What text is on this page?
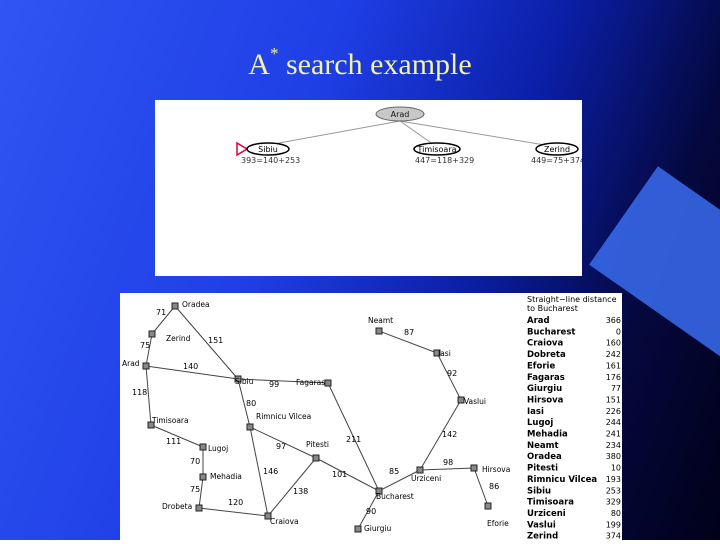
A* search example
Arad
Sibiu
393=140+253
Timisoara
447=118+329
Zerind
449=75+374
Oradea
Zerind
Arad
Sibiu	Fagaras
Timisoara	Rimnicu Vilcea
Lugoj	Pitesti
Mehadia
Drobeta
Craiova
Bucharest
Giurgiu
Urziceni
Hirsova
Eforie
Vaslui
Iasi
Neamt
71
75
151
140
118
99
80
111
97
211
70
146	101
75
120
138
90
85
98
86
142
92
87
Straight−line distance
to Bucharest
Arad	366
Bucharest	0
Craiova	160
Dobreta	242
Eforie	161
Fagaras	176
Giurgiu	77
Hirsova	151
Iasi	226
Lugoj	244
Mehadia	241
Neamt	234
Oradea	380
Pitesti	10
Rimnicu Vilcea 193
Sibiu	253
Timisoara	329
Urziceni	80
Vaslui	199
Zerind	374
